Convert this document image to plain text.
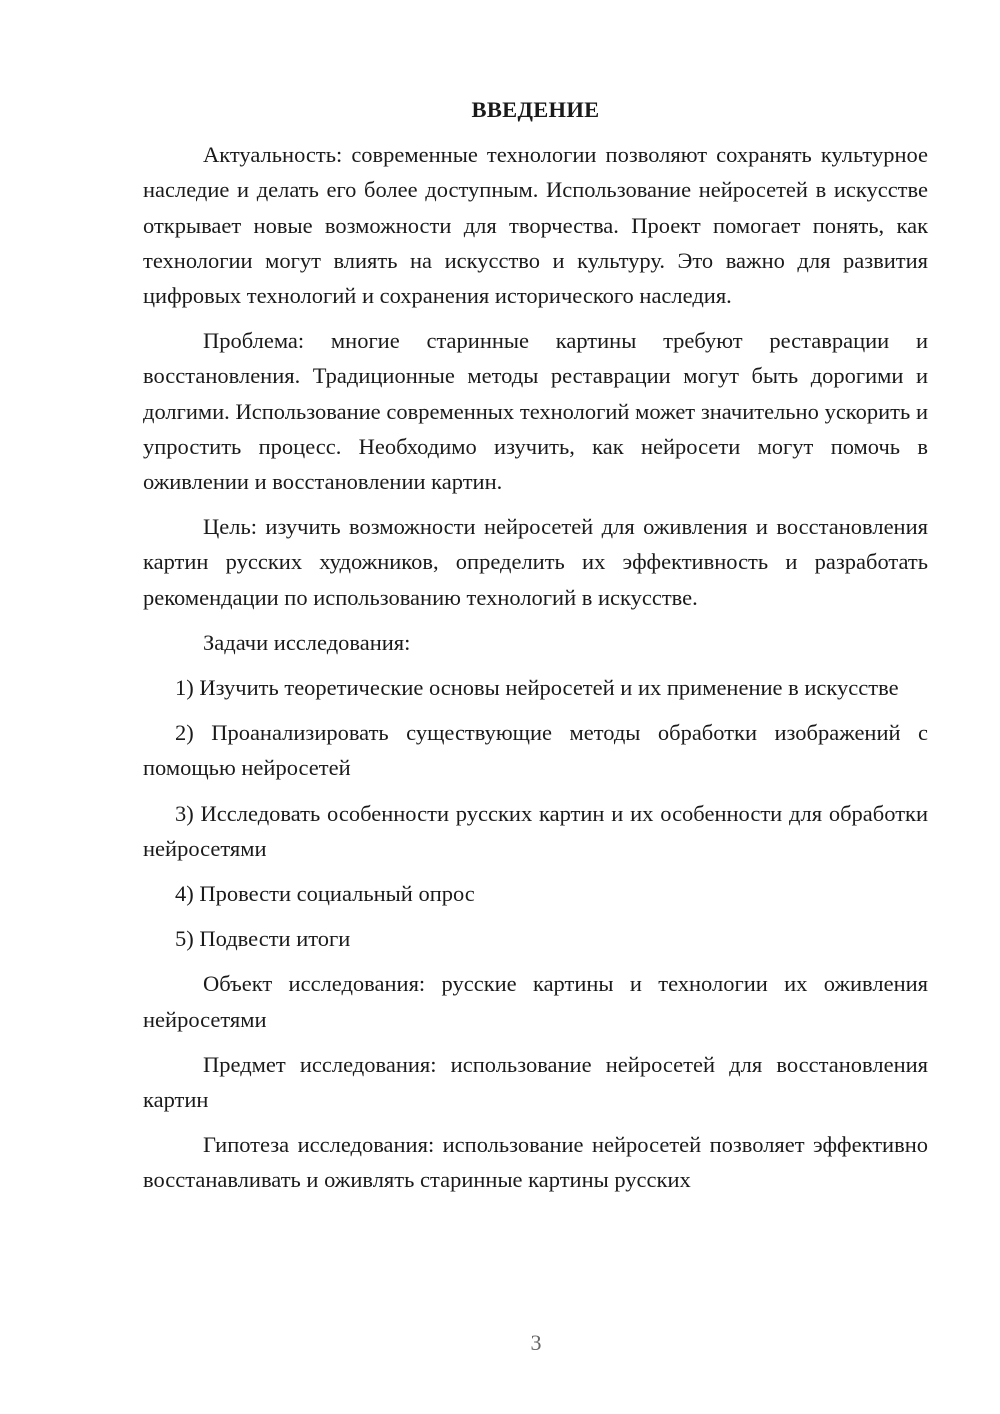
ВВЕДЕНИЕ

Актуальность: современные технологии позволяют сохранять культурное наследие и делать его более доступным. Использование нейросетей в искусстве открывает новые возможности для творчества. Проект помогает понять, как технологии могут влиять на искусство и культуру. Это важно для развития цифровых технологий и сохранения исторического наследия.

Проблема: многие старинные картины требуют реставрации и восстановления. Традиционные методы реставрации могут быть дорогими и долгими. Использование современных технологий может значительно ускорить и упростить процесс. Необходимо изучить, как нейросети могут помочь в оживлении и восстановлении картин.

Цель: изучить возможности нейросетей для оживления и восстановления картин русских художников, определить их эффективность и разработать рекомендации по использованию технологий в искусстве.

Задачи исследования:

1) Изучить теоретические основы нейросетей и их применение в искусстве

2) Проанализировать существующие методы обработки изображений с помощью нейросетей

3) Исследовать особенности русских картин и их особенности для обработки нейросетями

4) Провести социальный опрос

5) Подвести итоги

Объект исследования: русские картины и технологии их оживления нейросетями

Предмет исследования: использование нейросетей для восстановления картин

Гипотеза исследования: использование нейросетей позволяет эффективно восстанавливать и оживлять старинные картины русских

3
